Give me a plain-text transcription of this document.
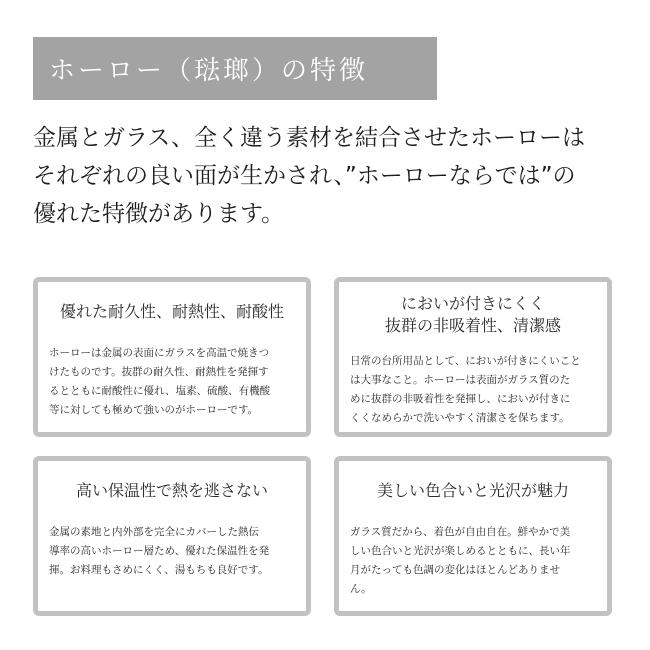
ホーロー（琺瑯）の特徴
金属とガラス、全く違う素材を結合させたホーローは
それぞれの良い面が生かされ、”ホーローならでは”の
優れた特徴があります。
優れた耐久性、耐熱性、耐酸性
ホーローは金属の表面にガラスを高温で焼きつ
けたものです。抜群の耐久性、耐熱性を発揮す
るとともに耐酸性に優れ、塩素、硫酸、有機酸
等に対しても極めて強いのがホーローです。
においが付きにくく
抜群の非吸着性、清潔感
日常の台所用品として、においが付きにくいこと
は大事なこと。ホーローは表面がガラス質のた
めに抜群の非吸着性を発揮し、においが付きに
くくなめらかで洗いやすく清潔さを保ちます。
高い保温性で熱を逃さない
金属の素地と内外部を完全にカバーした熱伝
導率の高いホーロー層ため、優れた保温性を発
揮。お料理もさめにくく、湯もちも良好です。
美しい色合いと光沢が魅力
ガラス質だから、着色が自由自在。鮮やかで美
しい色合いと光沢が楽しめるとともに、長い年
月がたっても色調の変化はほとんどありませ
ん。
